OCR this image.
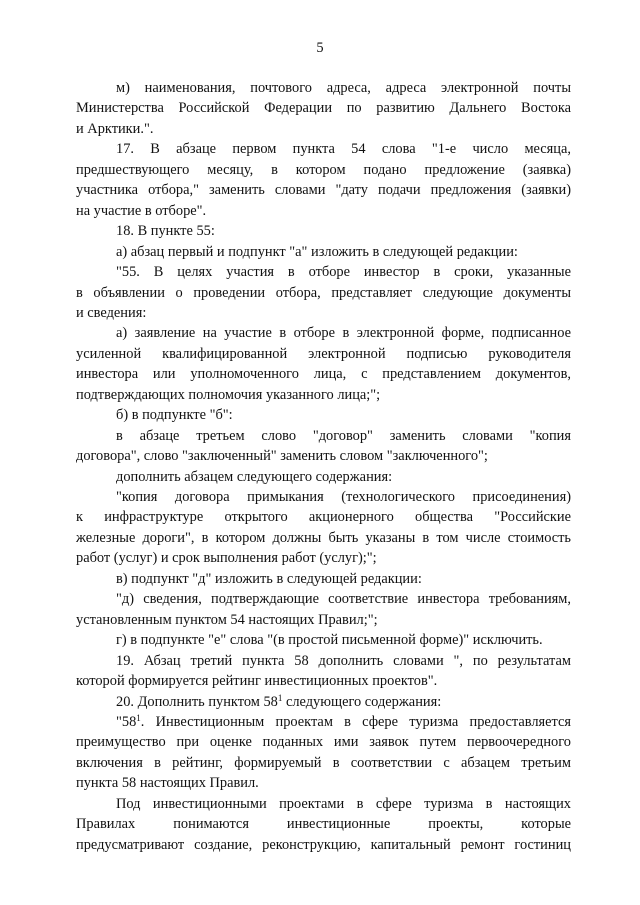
5
м) наименования, почтового адреса, адреса электронной почты
Министерства Российской Федерации по развитию Дальнего Востока
и Арктики.".
17. В абзаце первом пункта 54 слова "1-е число месяца,
предшествующего месяцу, в котором подано предложение (заявка)
участника отбора," заменить словами "дату подачи предложения (заявки)
на участие в отборе".
18. В пункте 55:
а) абзац первый и подпункт "а" изложить в следующей редакции:
"55. В целях участия в отборе инвестор в сроки, указанные
в объявлении о проведении отбора, представляет следующие документы
и сведения:
а) заявление на участие в отборе в электронной форме, подписанное
усиленной квалифицированной электронной подписью руководителя
инвестора или уполномоченного лица, с представлением документов,
подтверждающих полномочия указанного лица;";
б) в подпункте "б":
в абзаце третьем слово "договор" заменить словами "копия
договора", слово "заключенный" заменить словом "заключенного";
дополнить абзацем следующего содержания:
"копия договора примыкания (технологического присоединения)
к инфраструктуре открытого акционерного общества "Российские
железные дороги", в котором должны быть указаны в том числе стоимость
работ (услуг) и срок выполнения работ (услуг);";
в) подпункт "д" изложить в следующей редакции:
"д) сведения, подтверждающие соответствие инвестора требованиям,
установленным пунктом 54 настоящих Правил;";
г) в подпункте "е" слова "(в простой письменной форме)" исключить.
19. Абзац третий пункта 58 дополнить словами ", по результатам
которой формируется рейтинг инвестиционных проектов".
20. Дополнить пунктом $58^1$ следующего содержания:
"$58^1$. Инвестиционным проектам в сфере туризма предоставляется
преимущество при оценке поданных ими заявок путем первоочередного
включения в рейтинг, формируемый в соответствии с абзацем третьим
пункта 58 настоящих Правил.
Под инвестиционными проектами в сфере туризма в настоящих
Правилах понимаются инвестиционные проекты, которые
предусматривают создание, реконструкцию, капитальный ремонт гостиниц
